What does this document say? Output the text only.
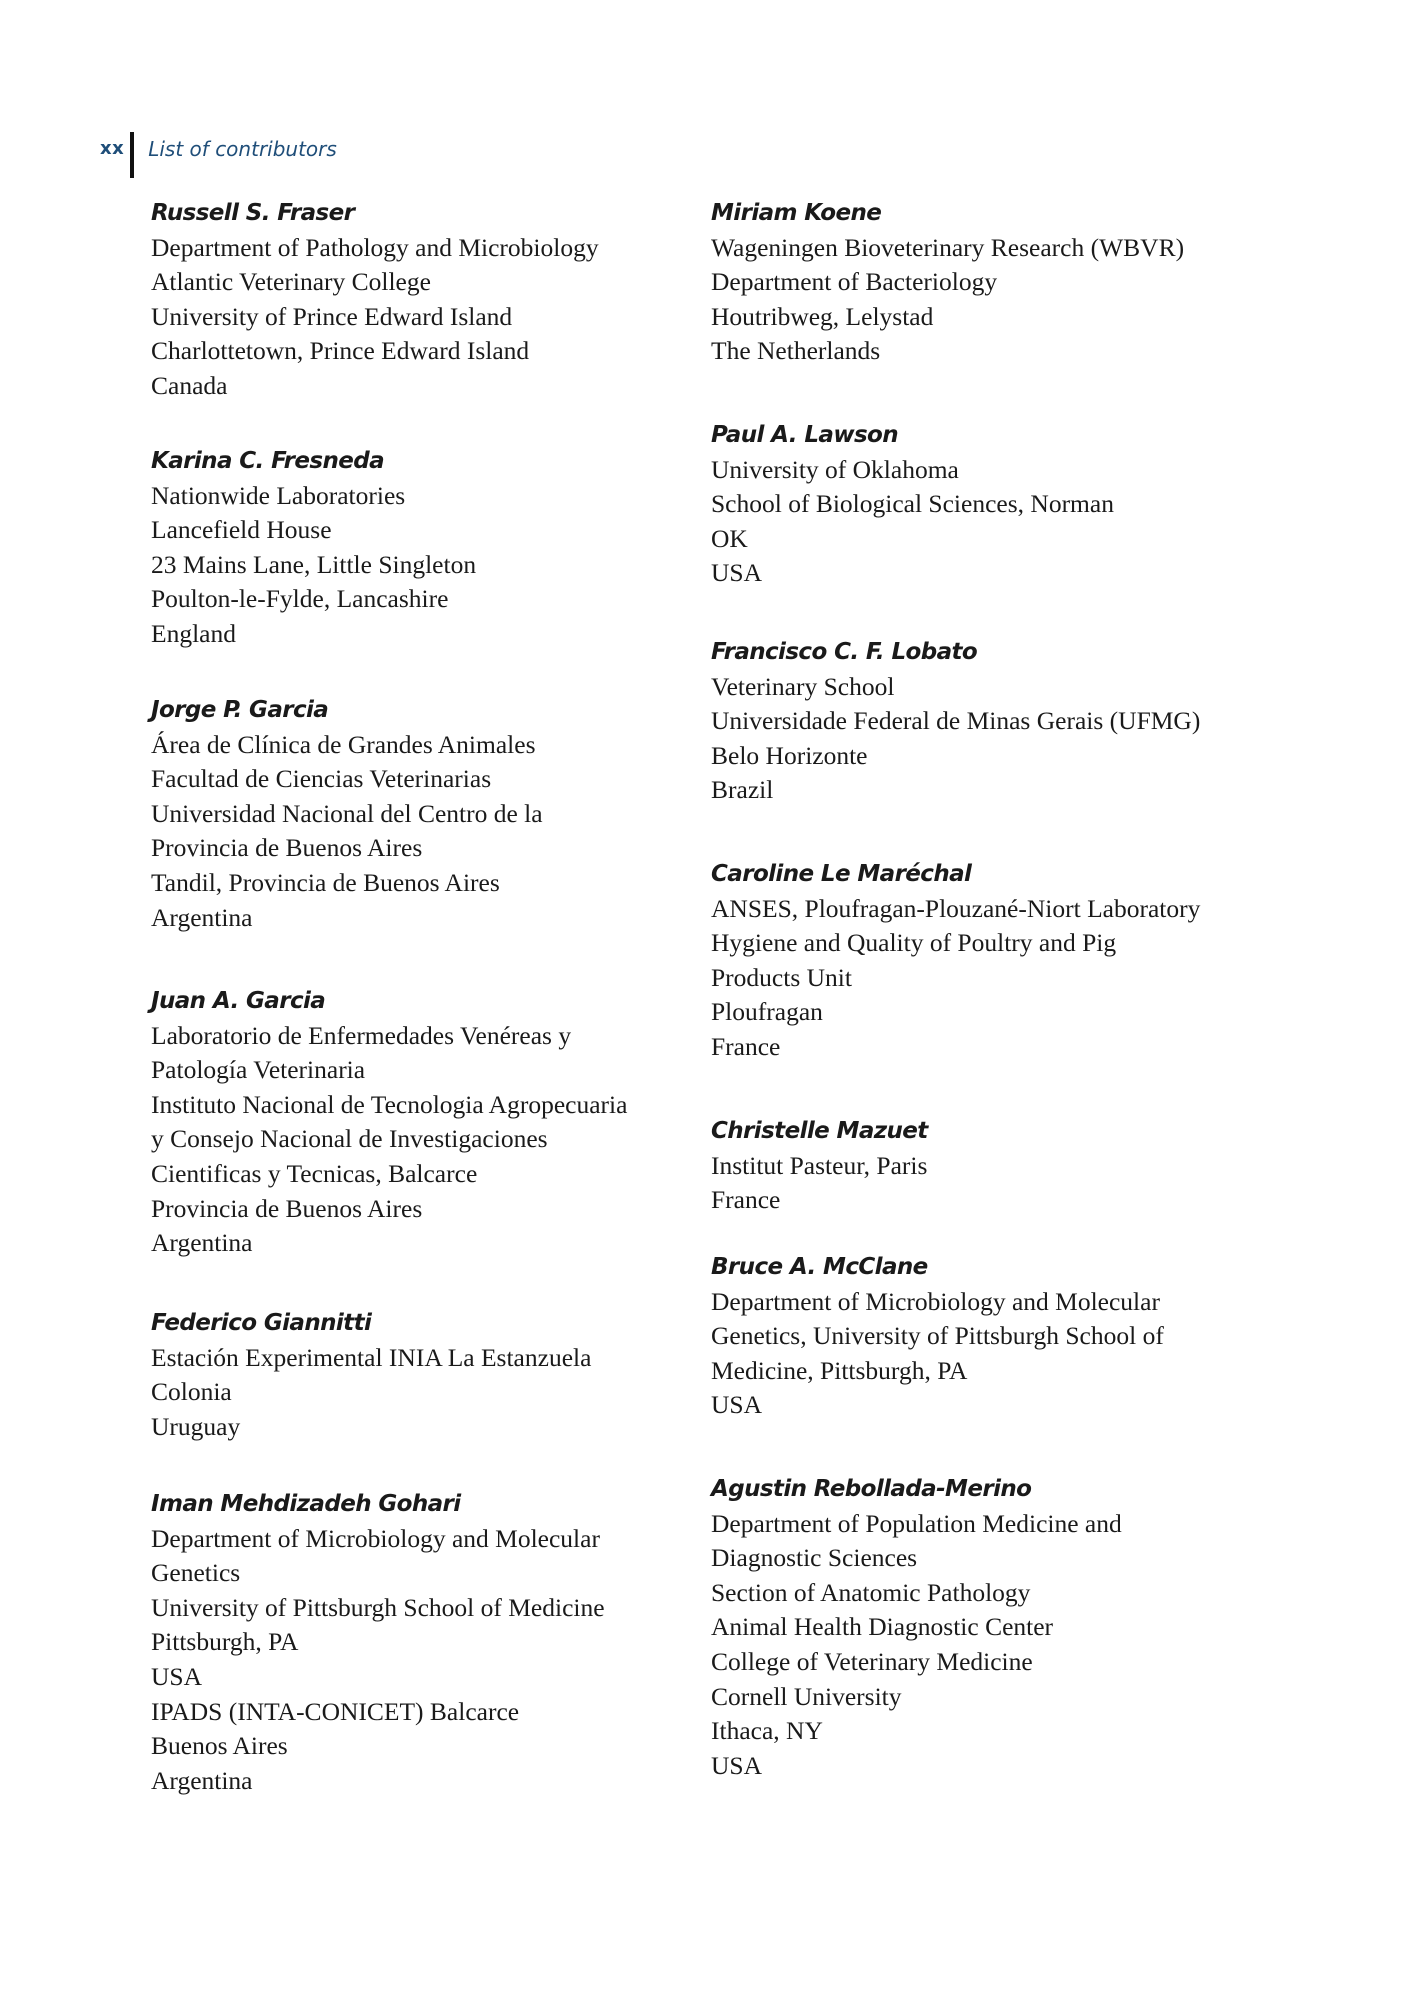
xx List of contributors
Russell S. Fraser
Department of Pathology and Microbiology
Atlantic Veterinary College
University of Prince Edward Island
Charlottetown, Prince Edward Island
Canada
Karina C. Fresneda
Nationwide Laboratories
Lancefield House
23 Mains Lane, Little Singleton
Poulton-le-Fylde, Lancashire
England
Jorge P. Garcia
Área de Clínica de Grandes Animales
Facultad de Ciencias Veterinarias
Universidad Nacional del Centro de la
Provincia de Buenos Aires
Tandil, Provincia de Buenos Aires
Argentina
Juan A. Garcia
Laboratorio de Enfermedades Venéreas y
Patología Veterinaria
Instituto Nacional de Tecnologia Agropecuaria
y Consejo Nacional de Investigaciones
Cientificas y Tecnicas, Balcarce
Provincia de Buenos Aires
Argentina
Federico Giannitti
Estación Experimental INIA La Estanzuela
Colonia
Uruguay
Iman Mehdizadeh Gohari
Department of Microbiology and Molecular
Genetics
University of Pittsburgh School of Medicine
Pittsburgh, PA
USA
IPADS (INTA-CONICET) Balcarce
Buenos Aires
Argentina
Miriam Koene
Wageningen Bioveterinary Research (WBVR)
Department of Bacteriology
Houtribweg, Lelystad
The Netherlands
Paul A. Lawson
University of Oklahoma
School of Biological Sciences, Norman
OK
USA
Francisco C. F. Lobato
Veterinary School
Universidade Federal de Minas Gerais (UFMG)
Belo Horizonte
Brazil
Caroline Le Maréchal
ANSES, Ploufragan-Plouzané-Niort Laboratory
Hygiene and Quality of Poultry and Pig
Products Unit
Ploufragan
France
Christelle Mazuet
Institut Pasteur, Paris
France
Bruce A. McClane
Department of Microbiology and Molecular
Genetics, University of Pittsburgh School of
Medicine, Pittsburgh, PA
USA
Agustin Rebollada-Merino
Department of Population Medicine and
Diagnostic Sciences
Section of Anatomic Pathology
Animal Health Diagnostic Center
College of Veterinary Medicine
Cornell University
Ithaca, NY
USA
